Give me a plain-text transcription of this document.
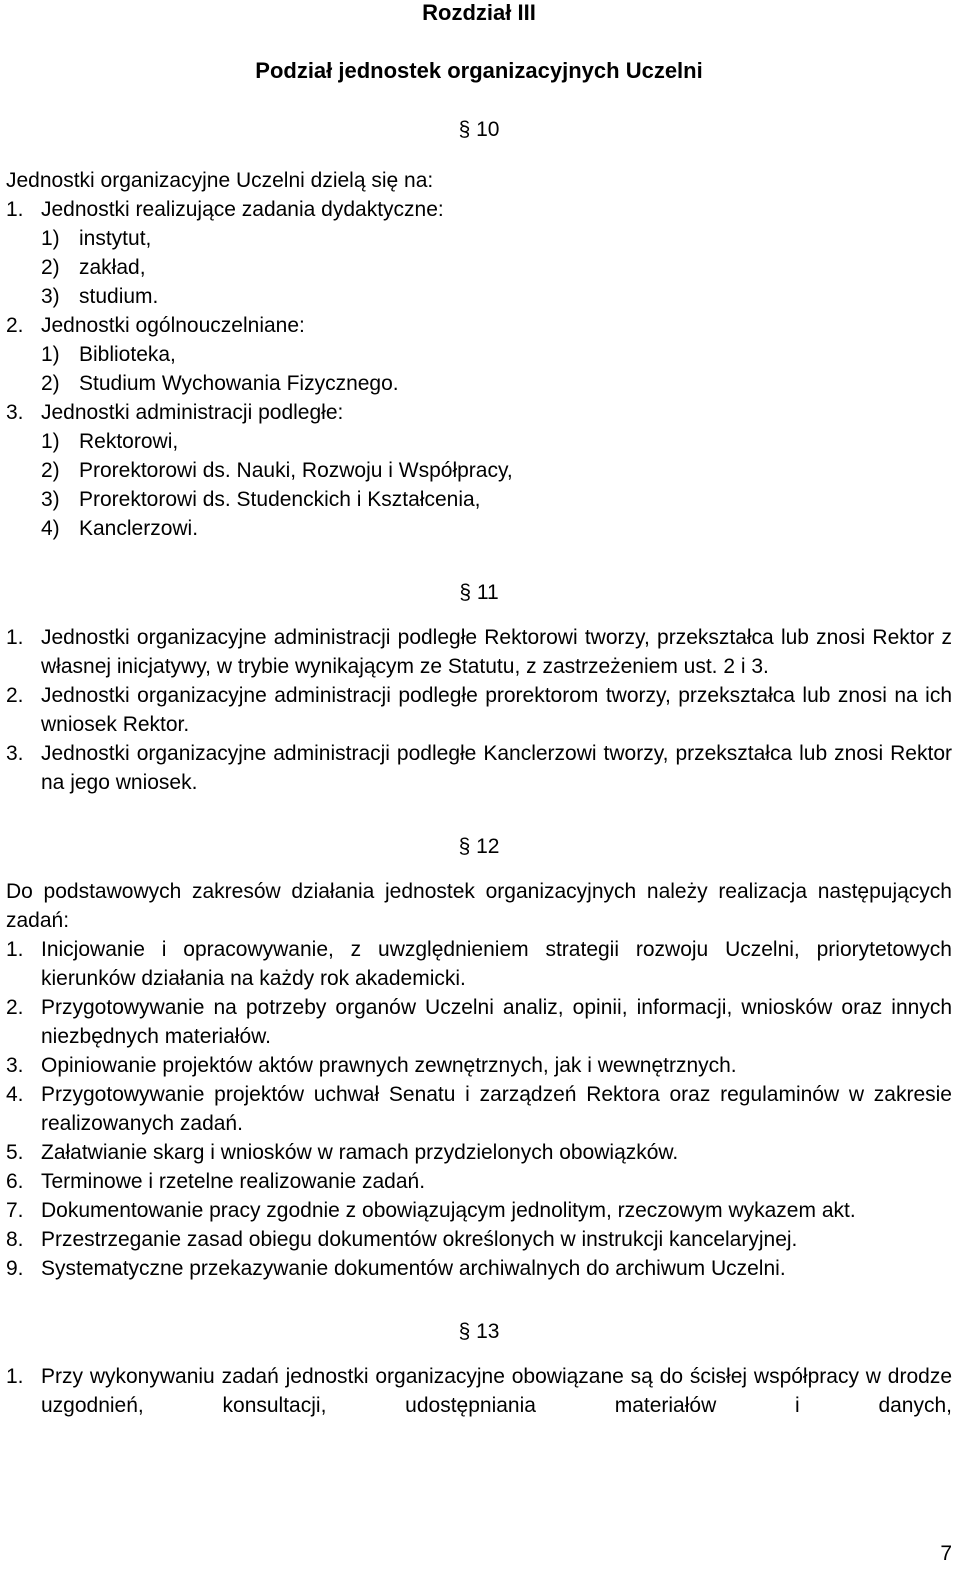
Rozdział III
Podział jednostek organizacyjnych Uczelni
§ 10

Jednostki organizacyjne Uczelni dzielą się na:

1. Jednostki realizujące zadania dydaktyczne:
1) instytut,
2) zakład,
3) studium.
2. Jednostki ogólnouczelniane:
1) Biblioteka,
2) Studium Wychowania Fizycznego.
3. Jednostki administracji podległe:
1) Rektorowi,
2) Prorektorowi ds. Nauki, Rozwoju i Współpracy,
3) Prorektorowi ds. Studenckich i Kształcenia,
4) Kanclerzowi.
§ 11
1. Jednostki organizacyjne administracji podległe Rektorowi tworzy, przekształca lub znosi Rektor z własnej inicjatywy, w trybie wynikającym ze Statutu, z zastrzeżeniem ust. 2 i 3.
2. Jednostki organizacyjne administracji podległe prorektorom tworzy, przekształca lub znosi na ich wniosek Rektor.
3. Jednostki organizacyjne administracji podległe Kanclerzowi tworzy, przekształca lub znosi Rektor na jego wniosek.
§ 12

Do podstawowych zakresów działania jednostek organizacyjnych należy realizacja następujących zadań:

1. Inicjowanie i opracowywanie, z uwzględnieniem strategii rozwoju Uczelni, priorytetowych kierunków działania na każdy rok akademicki.
2. Przygotowywanie na potrzeby organów Uczelni analiz, opinii, informacji, wniosków oraz innych niezbędnych materiałów.
3. Opiniowanie projektów aktów prawnych zewnętrznych, jak i wewnętrznych.
4. Przygotowywanie projektów uchwał Senatu i zarządzeń Rektora oraz regulaminów w zakresie realizowanych zadań.
5. Załatwianie skarg i wniosków w ramach przydzielonych obowiązków.
6. Terminowe i rzetelne realizowanie zadań.
7. Dokumentowanie pracy zgodnie z obowiązującym jednolitym, rzeczowym wykazem akt.
8. Przestrzeganie zasad obiegu dokumentów określonych w instrukcji kancelaryjnej.
9. Systematyczne przekazywanie dokumentów archiwalnych do archiwum Uczelni.
§ 13
1. Przy wykonywaniu zadań jednostki organizacyjne obowiązane są do ścisłej współpracy w drodze uzgodnień, konsultacji, udostępniania materiałów i danych,
7
